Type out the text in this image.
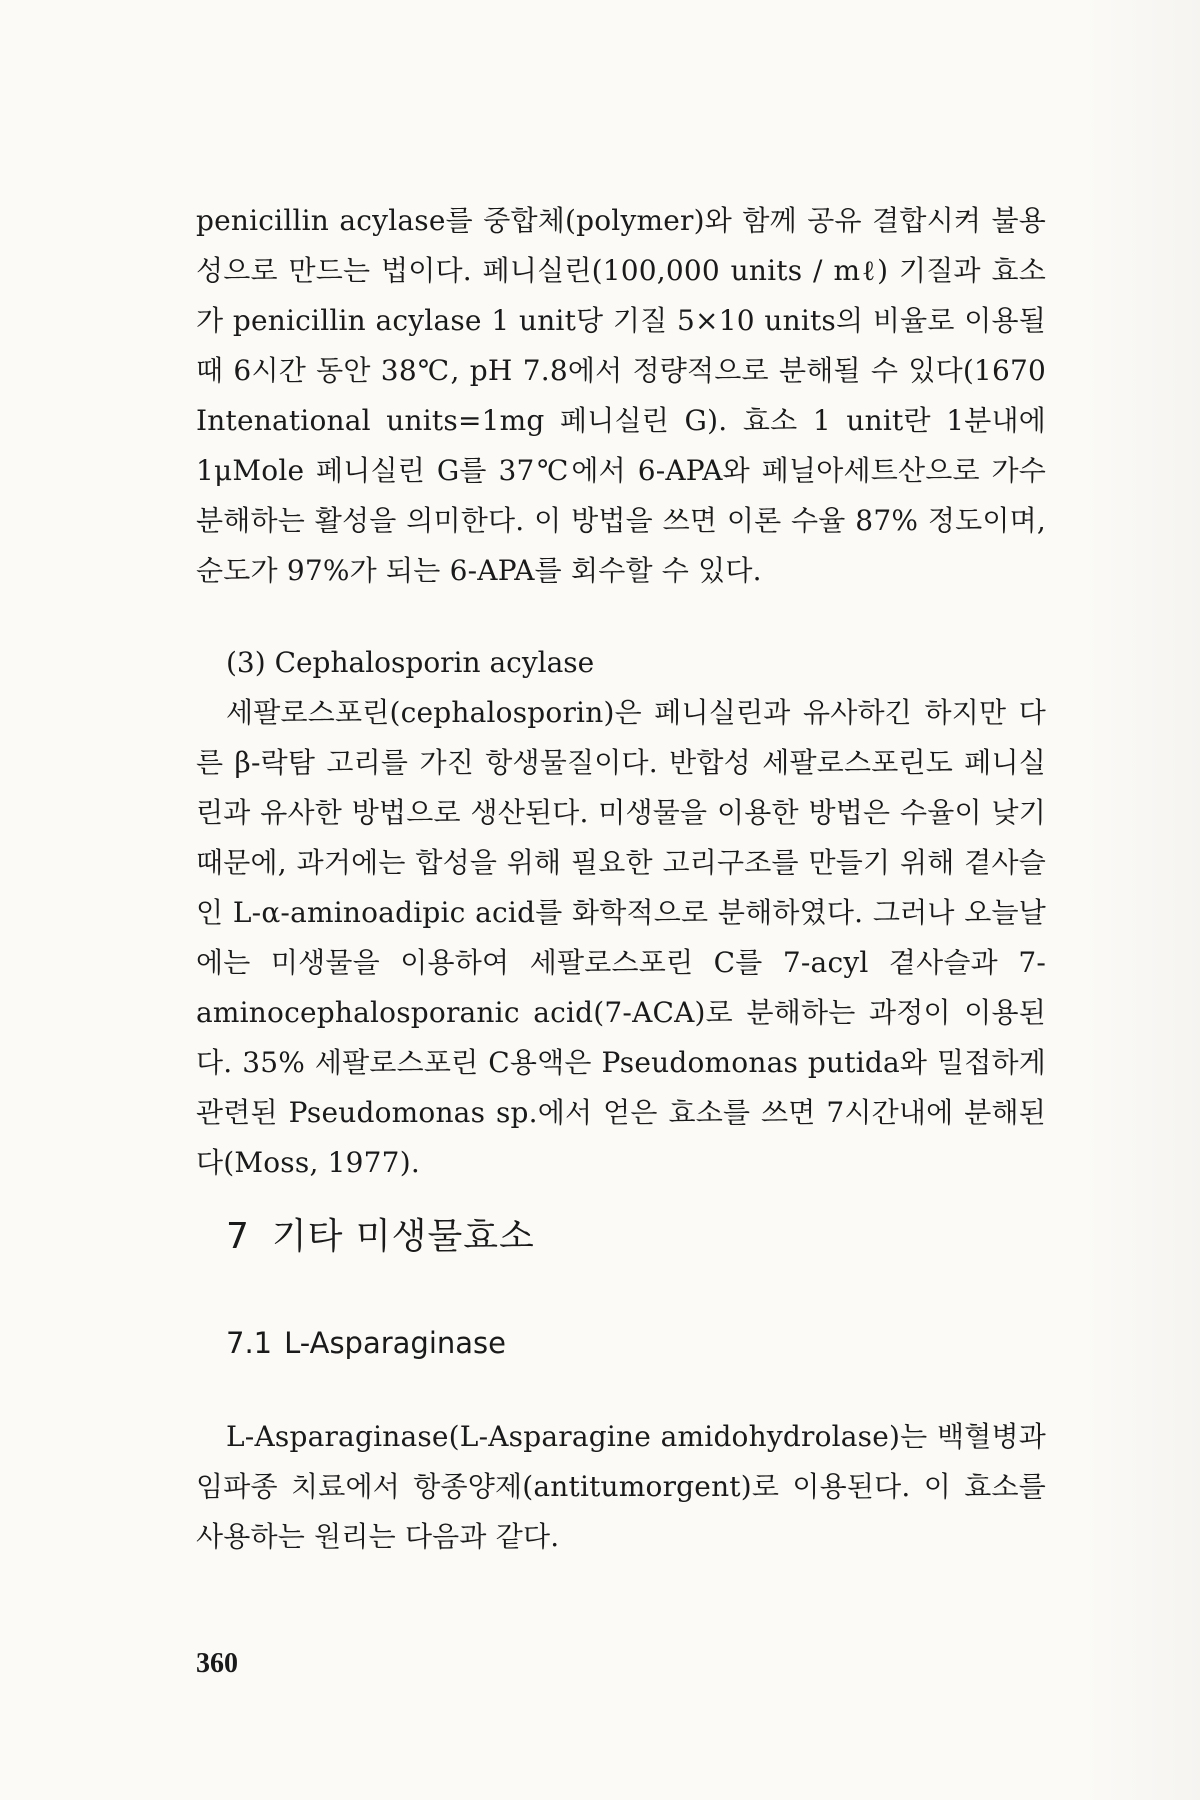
penicillin acylase를 중합체(polymer)와 함께 공유 결합시켜 불용성으로 만드는 법이다. 페니실린(100,000 units / mℓ) 기질과 효소가 penicillin acylase 1 unit당 기질 5×10 units의 비율로 이용될 때 6시간 동안 38℃, pH 7.8에서 정량적으로 분해될 수 있다(1670 Intenational units=1mg 페니실린 G). 효소 1 unit란 1분내에 1μMole 페니실린 G를 37℃에서 6-APA와 페닐아세트산으로 가수분해하는 활성을 의미한다. 이 방법을 쓰면 이론 수율 87% 정도이며, 순도가 97%가 되는 6-APA를 회수할 수 있다.

(3) Cephalosporin acylase

세팔로스포린(cephalosporin)은 페니실린과 유사하긴 하지만 다른 β-락탐 고리를 가진 항생물질이다. 반합성 세팔로스포린도 페니실린과 유사한 방법으로 생산된다. 미생물을 이용한 방법은 수율이 낮기 때문에, 과거에는 합성을 위해 필요한 고리구조를 만들기 위해 곁사슬인 L-α-aminoadipic acid를 화학적으로 분해하였다. 그러나 오늘날에는 미생물을 이용하여 세팔로스포린 C를 7-acyl 곁사슬과 7-aminocephalosporanic acid(7-ACA)로 분해하는 과정이 이용된다. 35% 세팔로스포린 C용액은 Pseudomonas putida와 밀접하게 관련된 Pseudomonas sp.에서 얻은 효소를 쓰면 7시간내에 분해된다(Moss, 1977).

7 기타 미생물효소
7.1 L-Asparaginase

L-Asparaginase(L-Asparagine amidohydrolase)는 백혈병과 임파종 치료에서 항종양제(antitumorgent)로 이용된다. 이 효소를 사용하는 원리는 다음과 같다.

360
